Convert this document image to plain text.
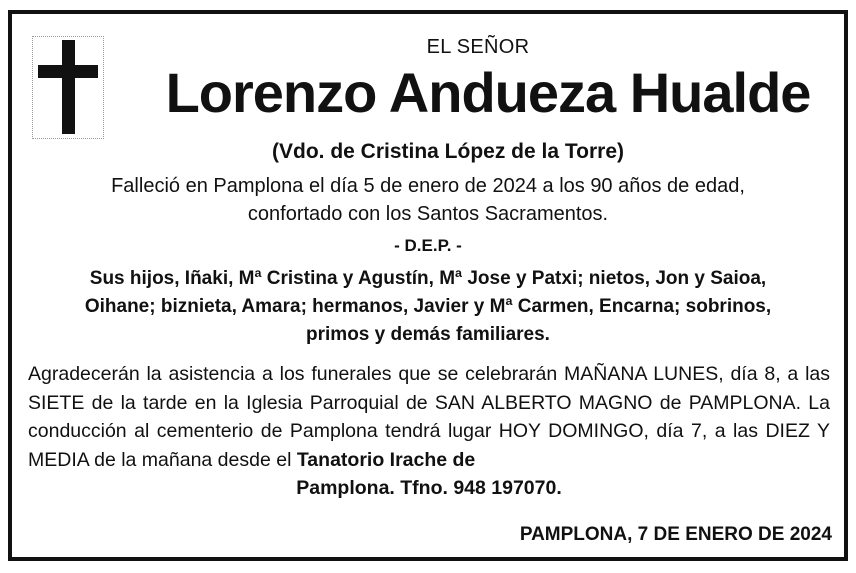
EL SEÑOR
Lorenzo Andueza Hualde
(Vdo. de Cristina López de la Torre)
Falleció en Pamplona el día 5 de enero de 2024 a los 90 años de edad,
confortado con los Santos Sacramentos.
- D.E.P. -
Sus hijos, Iñaki, Mª Cristina y Agustín, Mª Jose y Patxi; nietos, Jon y Saioa,
Oihane; biznieta, Amara; hermanos, Javier y Mª Carmen, Encarna; sobrinos,
primos y demás familiares.
Agradecerán la asistencia a los funerales que se celebrarán MAÑANA LUNES, día 8, a las SIETE de la tarde en la Iglesia Parroquial de SAN ALBERTO MAGNO de PAMPLONA. La conducción al cementerio de Pamplona tendrá lugar HOY DOMINGO, día 7, a las DIEZ Y MEDIA de la mañana desde el Tanatorio Irache de
Pamplona. Tfno. 948 197070.
PAMPLONA, 7 DE ENERO DE 2024
